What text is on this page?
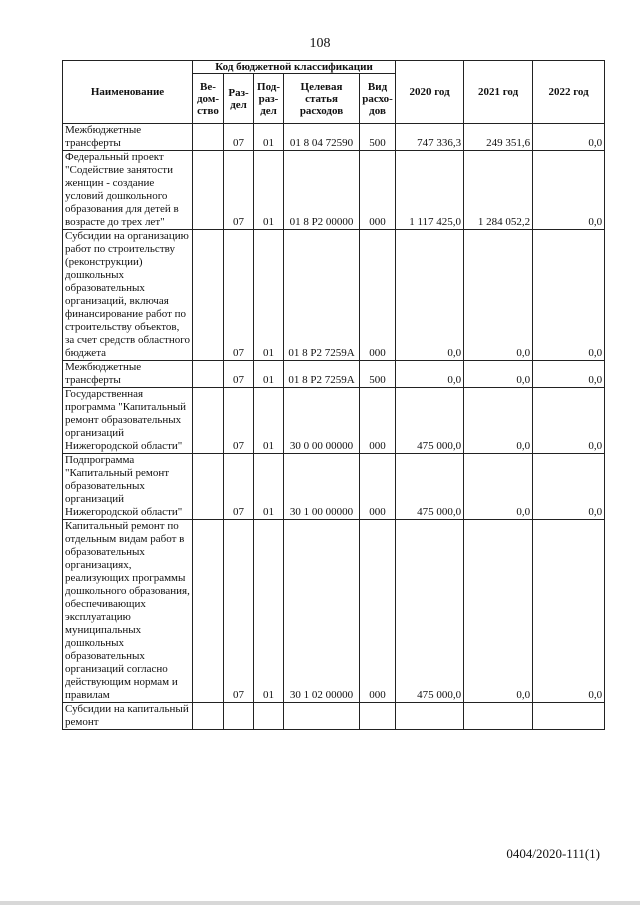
108
Наименование	Код бюджетной классификации					2020 год	2021 год	2022 год
	Ве-дом-ство	Раз-дел	Под-раз-дел	Целевая статья расходов	Вид расхо-дов			
Межбюджетные трансферты		07	01	01 8 04 72590	500	747 336,3	249 351,6	0,0
Федеральный проект "Содействие занятости женщин - создание условий дошкольного образования для детей в возрасте до трех лет"		07	01	01 8 P2 00000	000	1 117 425,0	1 284 052,2	0,0
Субсидии на организацию работ по строительству (реконструкции) дошкольных образовательных организаций, включая финансирование работ по строительству объектов, за счет средств областного бюджета		07	01	01 8 P2 7259A	000	0,0	0,0	0,0
Межбюджетные трансферты		07	01	01 8 P2 7259A	500	0,0	0,0	0,0
Государственная программа "Капитальный ремонт образовательных организаций Нижегородской области"		07	01	30 0 00 00000	000	475 000,0	0,0	0,0
Подпрограмма "Капитальный ремонт образовательных организаций Нижегородской области"		07	01	30 1 00 00000	000	475 000,0	0,0	0,0
Капитальный ремонт по отдельным видам работ в образовательных организациях, реализующих программы дошкольного образования, обеспечивающих эксплуатацию муниципальных дошкольных образовательных организаций согласно действующим нормам и правилам		07	01	30 1 02 00000	000	475 000,0	0,0	0,0
Субсидии на капитальный ремонт								
0404/2020-111(1)
